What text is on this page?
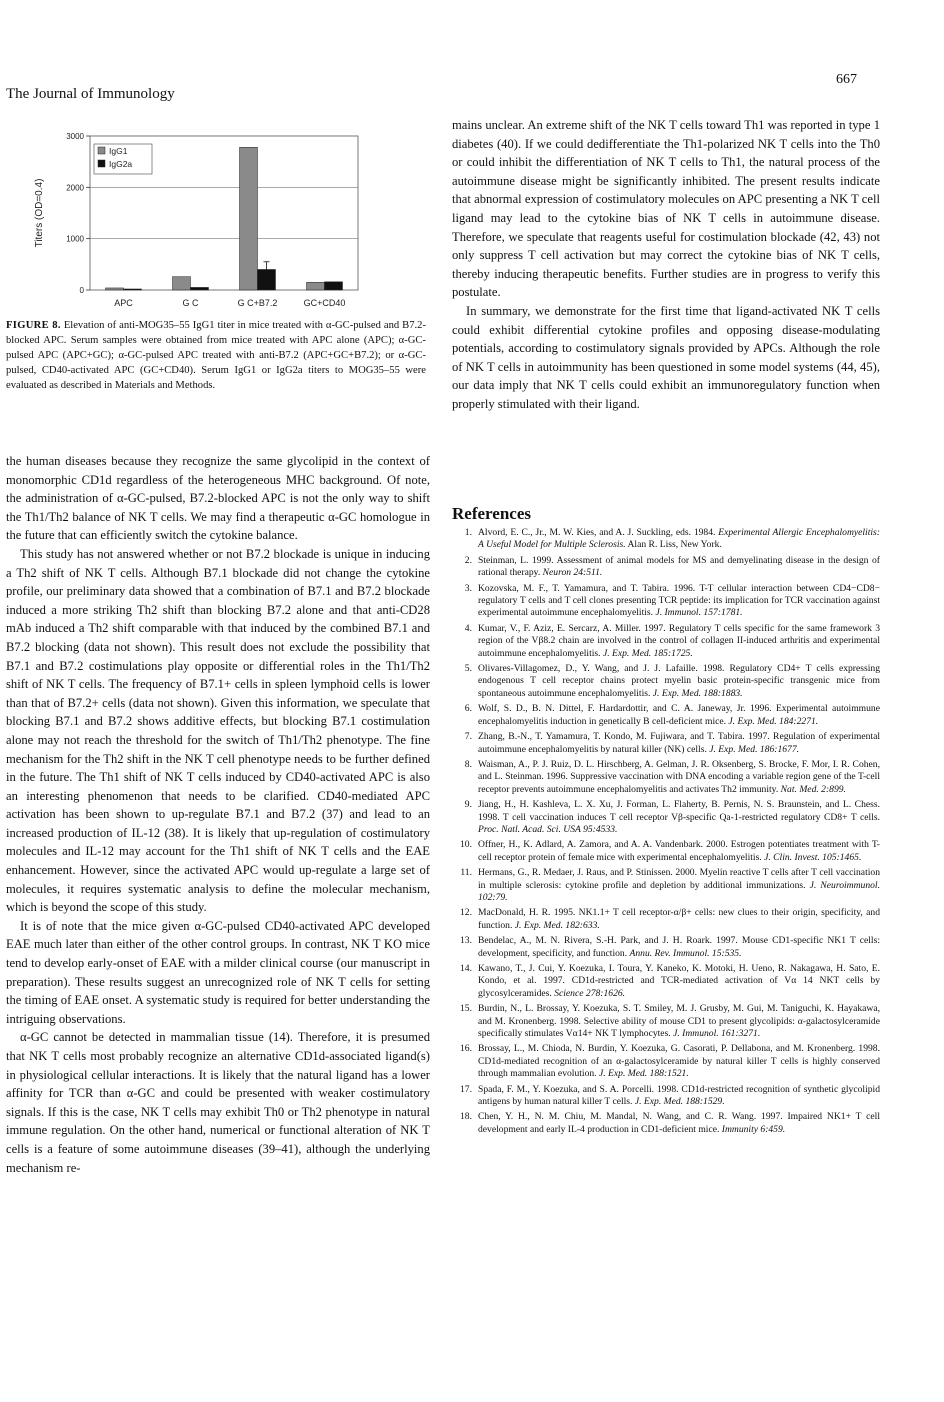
667
The Journal of Immunology
0
1000
2000
3000
Titers (OD=0.4)
APC	G C	G C+B7.2	GC+CD40
IgG1
IgG2a
FIGURE 8. Elevation of anti-MOG35–55 IgG1 titer in mice treated with α-GC-pulsed and B7.2-blocked APC. Serum samples were obtained from mice treated with APC alone (APC); α-GC-pulsed APC (APC+GC); α-GC-pulsed APC treated with anti-B7.2 (APC+GC+B7.2); or α-GC-pulsed, CD40-activated APC (GC+CD40). Serum IgG1 or IgG2a titers to MOG35–55 were evaluated as described in Materials and Methods.

the human diseases because they recognize the same glycolipid in the context of monomorphic CD1d regardless of the heterogeneous MHC background. Of note, the administration of α-GC-pulsed, B7.2-blocked APC is not the only way to shift the Th1/Th2 balance of NK T cells. We may find a therapeutic α-GC homologue in the future that can efficiently switch the cytokine balance.

This study has not answered whether or not B7.2 blockade is unique in inducing a Th2 shift of NK T cells. Although B7.1 blockade did not change the cytokine profile, our preliminary data showed that a combination of B7.1 and B7.2 blockade induced a more striking Th2 shift than blocking B7.2 alone and that anti-CD28 mAb induced a Th2 shift comparable with that induced by the combined B7.1 and B7.2 blocking (data not shown). This result does not exclude the possibility that B7.1 and B7.2 costimulations play opposite or differential roles in the Th1/Th2 shift of NK T cells. The frequency of B7.1+ cells in spleen lymphoid cells is lower than that of B7.2+ cells (data not shown). Given this information, we speculate that blocking B7.1 and B7.2 shows additive effects, but blocking B7.1 costimulation alone may not reach the threshold for the switch of Th1/Th2 phenotype. The fine mechanism for the Th2 shift in the NK T cell phenotype needs to be further defined in the future. The Th1 shift of NK T cells induced by CD40-activated APC is also an interesting phenomenon that needs to be clarified. CD40-mediated APC activation has been shown to up-regulate B7.1 and B7.2 (37) and lead to an increased production of IL-12 (38). It is likely that up-regulation of costimulatory molecules and IL-12 may account for the Th1 shift of NK T cells and the EAE enhancement. However, since the activated APC would up-regulate a large set of molecules, it requires systematic analysis to define the molecular mechanism, which is beyond the scope of this study.

It is of note that the mice given α-GC-pulsed CD40-activated APC developed EAE much later than either of the other control groups. In contrast, NK T KO mice tend to develop early-onset of EAE with a milder clinical course (our manuscript in preparation). These results suggest an unrecognized role of NK T cells for setting the timing of EAE onset. A systematic study is required for better understanding the intriguing observations.

α-GC cannot be detected in mammalian tissue (14). Therefore, it is presumed that NK T cells most probably recognize an alternative CD1d-associated ligand(s) in physiological cellular interactions. It is likely that the natural ligand has a lower affinity for TCR than α-GC and could be presented with weaker costimulatory signals. If this is the case, NK T cells may exhibit Th0 or Th2 phenotype in natural immune regulation. On the other hand, numerical or functional alteration of NK T cells is a feature of some autoimmune diseases (39–41), although the underlying mechanism re-

mains unclear. An extreme shift of the NK T cells toward Th1 was reported in type 1 diabetes (40). If we could dedifferentiate the Th1-polarized NK T cells into the Th0 or could inhibit the differentiation of NK T cells to Th1, the natural process of the autoimmune disease might be significantly inhibited. The present results indicate that abnormal expression of costimulatory molecules on APC presenting a NK T cell ligand may lead to the cytokine bias of NK T cells in autoimmune disease. Therefore, we speculate that reagents useful for costimulation blockade (42, 43) not only suppress T cell activation but may correct the cytokine bias of NK T cells, thereby inducing therapeutic benefits. Further studies are in progress to verify this postulate.

In summary, we demonstrate for the first time that ligand-activated NK T cells could exhibit differential cytokine profiles and opposing disease-modulating potentials, according to costimulatory signals provided by APCs. Although the role of NK T cells in autoimmunity has been questioned in some model systems (44, 45), our data imply that NK T cells could exhibit an immunoregulatory function when properly stimulated with their ligand.

References
1. Alvord, E. C., Jr., M. W. Kies, and A. J. Suckling, eds. 1984. Experimental Allergic Encephalomyelitis: A Useful Model for Multiple Sclerosis. Alan R. Liss, New York.
2. Steinman, L. 1999. Assessment of animal models for MS and demyelinating disease in the design of rational therapy. Neuron 24:511.
3. Kozovska, M. F., T. Yamamura, and T. Tabira. 1996. T-T cellular interaction between CD4−CD8− regulatory T cells and T cell clones presenting TCR peptide: its implication for TCR vaccination against experimental autoimmune encephalomyelitis. J. Immunol. 157:1781.
4. Kumar, V., F. Aziz, E. Sercarz, A. Miller. 1997. Regulatory T cells specific for the same framework 3 region of the Vβ8.2 chain are involved in the control of collagen II-induced arthritis and experimental autoimmune encephalomyelitis. J. Exp. Med. 185:1725.
5. Olivares-Villagomez, D., Y. Wang, and J. J. Lafaille. 1998. Regulatory CD4+ T cells expressing endogenous T cell receptor chains protect myelin basic protein-specific transgenic mice from spontaneous autoimmune encephalomyelitis. J. Exp. Med. 188:1883.
6. Wolf, S. D., B. N. Dittel, F. Hardardottir, and C. A. Janeway, Jr. 1996. Experimental autoimmune encephalomyelitis induction in genetically B cell-deficient mice. J. Exp. Med. 184:2271.
7. Zhang, B.-N., T. Yamamura, T. Kondo, M. Fujiwara, and T. Tabira. 1997. Regulation of experimental autoimmune encephalomyelitis by natural killer (NK) cells. J. Exp. Med. 186:1677.
8. Waisman, A., P. J. Ruiz, D. L. Hirschberg, A. Gelman, J. R. Oksenberg, S. Brocke, F. Mor, I. R. Cohen, and L. Steinman. 1996. Suppressive vaccination with DNA encoding a variable region gene of the T-cell receptor prevents autoimmune encephalomyelitis and activates Th2 immunity. Nat. Med. 2:899.
9. Jiang, H., H. Kashleva, L. X. Xu, J. Forman, L. Flaherty, B. Pernis, N. S. Braunstein, and L. Chess. 1998. T cell vaccination induces T cell receptor Vβ-specific Qa-1-restricted regulatory CD8+ T cells. Proc. Natl. Acad. Sci. USA 95:4533.
10. Offner, H., K. Adlard, A. Zamora, and A. A. Vandenbark. 2000. Estrogen potentiates treatment with T-cell receptor protein of female mice with experimental encephalomyelitis. J. Clin. Invest. 105:1465.
11. Hermans, G., R. Medaer, J. Raus, and P. Stinissen. 2000. Myelin reactive T cells after T cell vaccination in multiple sclerosis: cytokine profile and depletion by additional immunizations. J. Neuroimmunol. 102:79.
12. MacDonald, H. R. 1995. NK1.1+ T cell receptor-α/β+ cells: new clues to their origin, specificity, and function. J. Exp. Med. 182:633.
13. Bendelac, A., M. N. Rivera, S.-H. Park, and J. H. Roark. 1997. Mouse CD1-specific NK1 T cells: development, specificity, and function. Annu. Rev. Immunol. 15:535.
14. Kawano, T., J. Cui, Y. Koezuka, I. Toura, Y. Kaneko, K. Motoki, H. Ueno, R. Nakagawa, H. Sato, E. Kondo, et al. 1997. CD1d-restricted and TCR-mediated activation of Vα 14 NKT cells by glycosylceramides. Science 278:1626.
15. Burdin, N., L. Brossay, Y. Koezuka, S. T. Smiley, M. J. Grusby, M. Gui, M. Taniguchi, K. Hayakawa, and M. Kronenberg. 1998. Selective ability of mouse CD1 to present glycolipids: α-galactosylceramide specifically stimulates Vα14+ NK T lymphocytes. J. Immunol. 161:3271.
16. Brossay, L., M. Chioda, N. Burdin, Y. Koezuka, G. Casorati, P. Dellabona, and M. Kronenberg. 1998. CD1d-mediated recognition of an α-galactosylceramide by natural killer T cells is highly conserved through mammalian evolution. J. Exp. Med. 188:1521.
17. Spada, F. M., Y. Koezuka, and S. A. Porcelli. 1998. CD1d-restricted recognition of synthetic glycolipid antigens by human natural killer T cells. J. Exp. Med. 188:1529.
18. Chen, Y. H., N. M. Chiu, M. Mandal, N. Wang, and C. R. Wang. 1997. Impaired NK1+ T cell development and early IL-4 production in CD1-deficient mice. Immunity 6:459.
